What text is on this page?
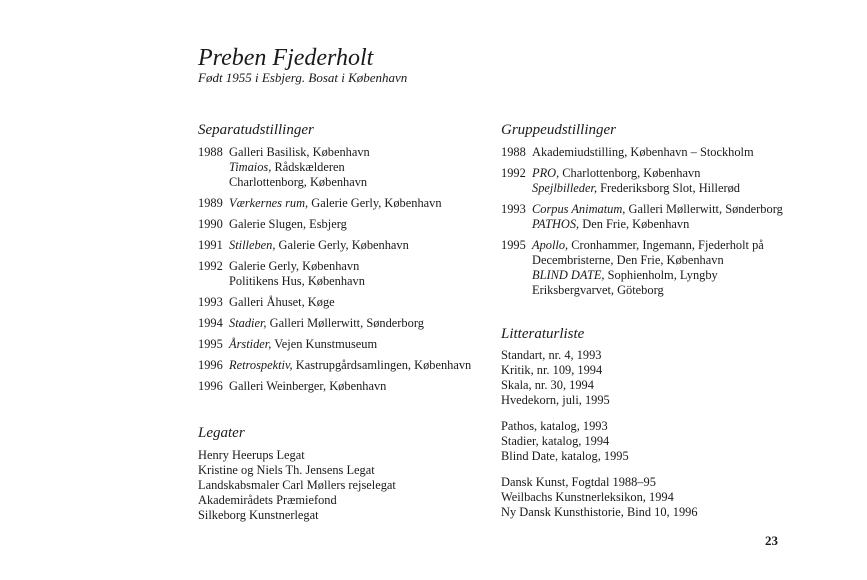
Preben Fjederholt
Født 1955 i Esbjerg. Bosat i København
Separatudstillinger
1988 Galleri Basilisk, København
Timaios, Rådskælderen
Charlottenborg, København
1989 Værkernes rum, Galerie Gerly, København
1990 Galerie Slugen, Esbjerg
1991 Stilleben, Galerie Gerly, København
1992 Galerie Gerly, København
Politikens Hus, København
1993 Galleri Åhuset, Køge
1994 Stadier, Galleri Møllerwitt, Sønderborg
1995 Årstider, Vejen Kunstmuseum
1996 Retrospektiv, Kastrupgårdsamlingen, København
1996 Galleri Weinberger, København
Legater
Henry Heerups Legat
Kristine og Niels Th. Jensens Legat
Landskabsmaler Carl Møllers rejselegat
Akademirådets Præmiefond
Silkeborg Kunstnerlegat
Gruppeudstillinger
1988 Akademiudstilling, København – Stockholm
1992 PRO, Charlottenborg, København
Spejlbilleder, Frederiksborg Slot, Hillerød
1993 Corpus Animatum, Galleri Møllerwitt, Sønderborg
PATHOS, Den Frie, København
1995 Apollo, Cronhammer, Ingemann, Fjederholt på
Decembristerne, Den Frie, København
BLIND DATE, Sophienholm, Lyngby
Eriksbergvarvet, Göteborg
Litteraturliste
Standart, nr. 4, 1993
Kritik, nr. 109, 1994
Skala, nr. 30, 1994
Hvedekorn, juli, 1995
Pathos, katalog, 1993
Stadier, katalog, 1994
Blind Date, katalog, 1995
Dansk Kunst, Fogtdal 1988–95
Weilbachs Kunstnerleksikon, 1994
Ny Dansk Kunsthistorie, Bind 10, 1996
23
